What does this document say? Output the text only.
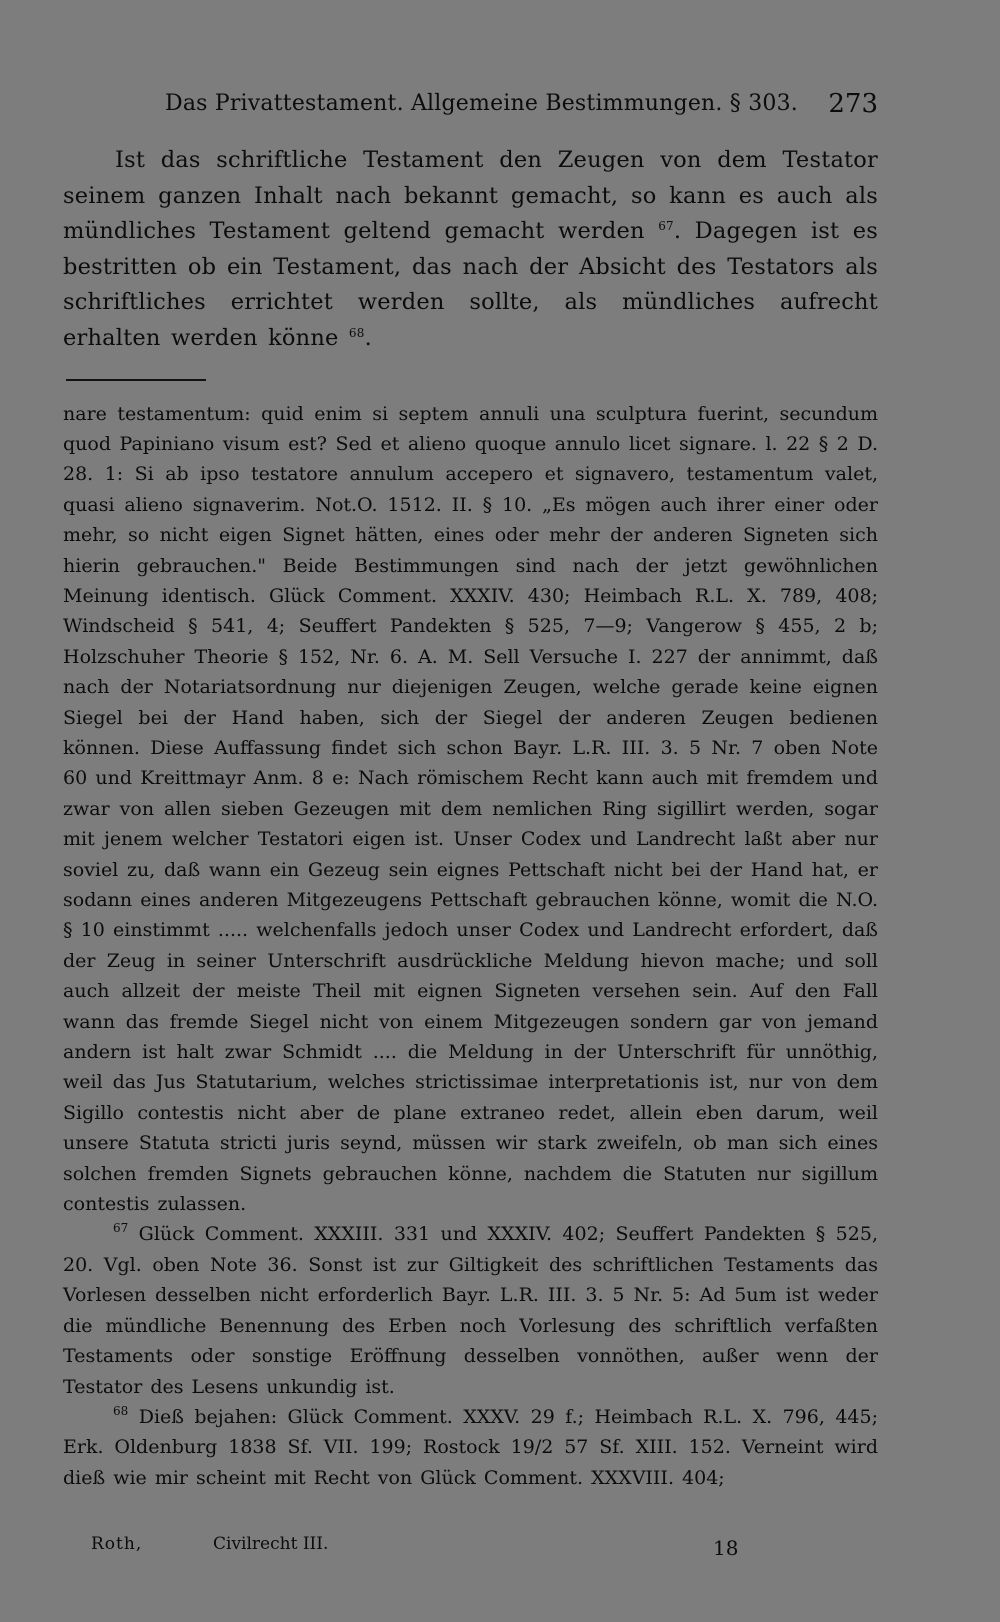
Das Privattestament. Allgemeine Bestimmungen. § 303. 273

Ist das schriftliche Testament den Zeugen von dem Testator seinem ganzen Inhalt nach bekannt gemacht, so kann es auch als mündliches Testament geltend gemacht werden $^{67}$. Dagegen ist es bestritten ob ein Testament, das nach der Absicht des Testators als schriftliches errichtet werden sollte, als mündliches aufrecht erhalten werden könne $^{68}$.

nare testamentum: quid enim si septem annuli una sculptura fuerint, secundum quod Papiniano visum est? Sed et alieno quoque annulo licet signare. l. 22 § 2 D. 28. 1: Si ab ipso testatore annulum accepero et signavero, testamentum valet, quasi alieno signaverim. Not.O. 1512. II. § 10. „Es mögen auch ihrer einer oder mehr, so nicht eigen Signet hätten, eines oder mehr der anderen Signeten sich hierin gebrauchen." Beide Bestimmungen sind nach der jetzt gewöhnlichen Meinung identisch. Glück Comment. XXXIV. 430; Heimbach R.L. X. 789, 408; Windscheid § 541, 4; Seuffert Pandekten § 525, 7—9; Vangerow § 455, 2 b; Holzschuher Theorie § 152, Nr. 6. A. M. Sell Versuche I. 227 der annimmt, daß nach der Notariatsordnung nur diejenigen Zeugen, welche gerade keine eignen Siegel bei der Hand haben, sich der Siegel der anderen Zeugen bedienen können. Diese Auffassung findet sich schon Bayr. L.R. III. 3. 5 Nr. 7 oben Note 60 und Kreittmayr Anm. 8 e: Nach römischem Recht kann auch mit fremdem und zwar von allen sieben Gezeugen mit dem nemlichen Ring sigillirt werden, sogar mit jenem welcher Testatori eigen ist. Unser Codex und Landrecht laßt aber nur soviel zu, daß wann ein Gezeug sein eignes Pettschaft nicht bei der Hand hat, er sodann eines anderen Mitgezeugens Pettschaft gebrauchen könne, womit die N.O. § 10 einstimmt ..... welchenfalls jedoch unser Codex und Landrecht erfordert, daß der Zeug in seiner Unterschrift ausdrückliche Meldung hievon mache; und soll auch allzeit der meiste Theil mit eignen Signeten versehen sein. Auf den Fall wann das fremde Siegel nicht von einem Mitgezeugen sondern gar von jemand andern ist halt zwar Schmidt .... die Meldung in der Unterschrift für unnöthig, weil das Jus Statutarium, welches strictissimae interpretationis ist, nur von dem Sigillo contestis nicht aber de plane extraneo redet, allein eben darum, weil unsere Statuta stricti juris seynd, müssen wir stark zweifeln, ob man sich eines solchen fremden Signets gebrauchen könne, nachdem die Statuten nur sigillum contestis zulassen.

$^{67}$ Glück Comment. XXXIII. 331 und XXXIV. 402; Seuffert Pandekten § 525, 20. Vgl. oben Note 36. Sonst ist zur Giltigkeit des schriftlichen Testaments das Vorlesen desselben nicht erforderlich Bayr. L.R. III. 3. 5 Nr. 5: Ad 5um ist weder die mündliche Benennung des Erben noch Vorlesung des schriftlich verfaßten Testaments oder sonstige Eröffnung desselben vonnöthen, außer wenn der Testator des Lesens unkundig ist.

$^{68}$ Dieß bejahen: Glück Comment. XXXV. 29 f.; Heimbach R.L. X. 796, 445; Erk. Oldenburg 1838 Sf. VII. 199; Rostock 19/2 57 Sf. XIII. 152. Verneint wird dieß wie mir scheint mit Recht von Glück Comment. XXXVIII. 404;

Roth,	Civilrecht III.	18
